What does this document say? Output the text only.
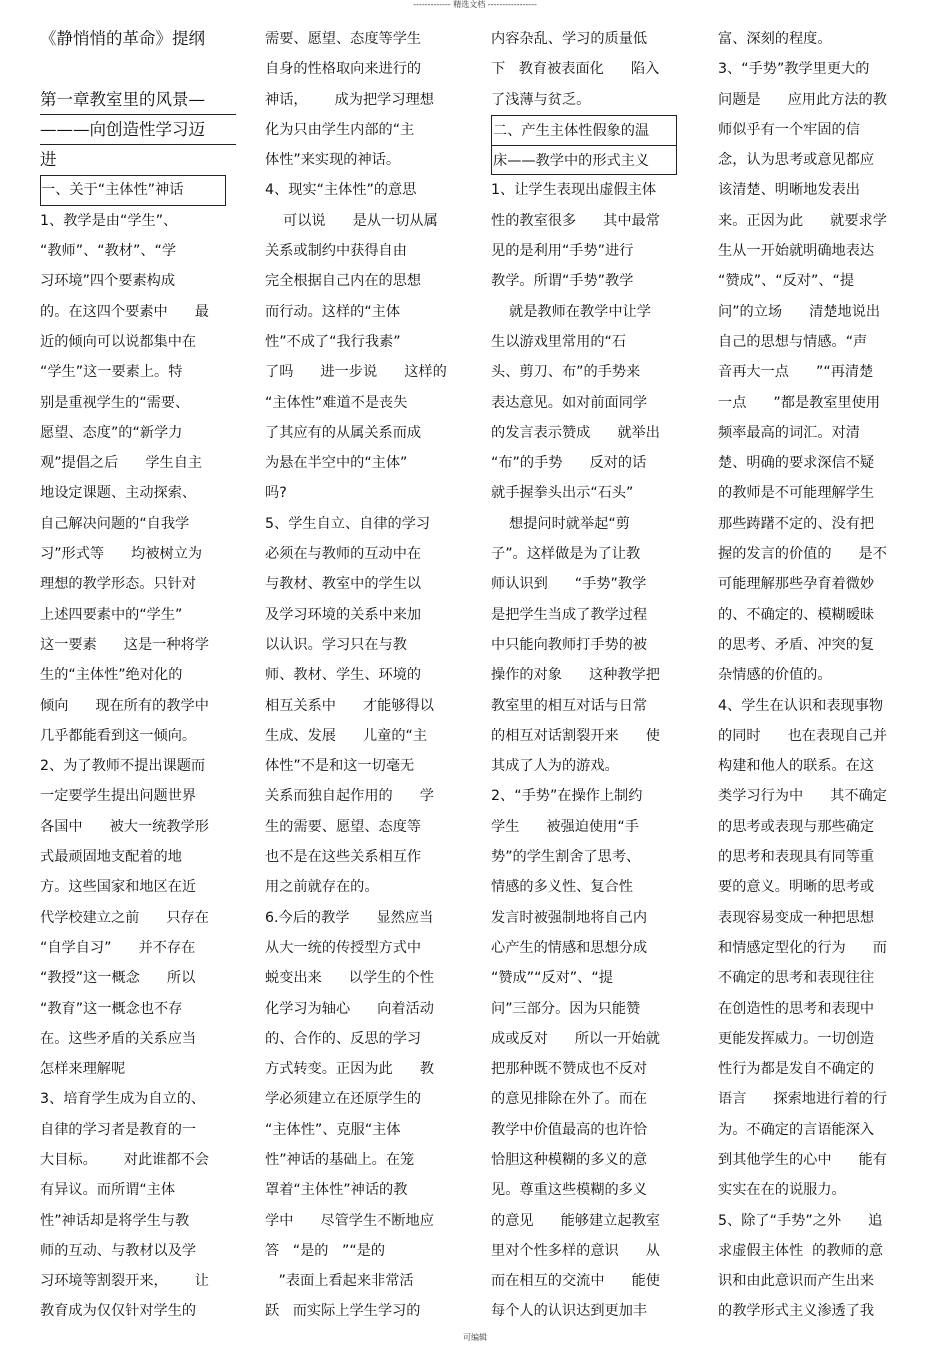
------------- 精选文档 -----------------
《静悄悄的革命》提纲
第一章教室里的风景—
———向创造性学习迈
进
一、关于“主体性”神话
1、教学是由“学生”、
“教师”、“教材”、“学
习环境”四个要素构成
的。在这四个要素中      最
近的倾向可以说都集中在
“学生”这一要素上。特
别是重视学生的“需要、
愿望、态度”的“新学力
观”提倡之后      学生自主
地设定课题、主动探索、
自己解决问题的“自我学
习”形式等      均被树立为
理想的教学形态。只针对
上述四要素中的“学生”
这一要素      这是一种将学
生的“主体性”绝对化的
倾向      现在所有的教学中
几乎都能看到这一倾向。
2、为了教师不提出课题而
一定要学生提出问题世界
各国中      被大一统教学形
式最顽固地支配着的地
方。这些国家和地区在近
代学校建立之前      只存在
“自学自习”      并不存在
“教授”这一概念      所以
“教育”这一概念也不存
在。这些矛盾的关系应当
怎样来理解呢
3、培育学生成为自立的、
自律的学习者是教育的一
大目标。      对此谁都不会
有异议。而所谓“主体
性”神话却是将学生与教
师的互动、与教材以及学
习环境等割裂开来，      让
教育成为仅仅针对学生的
需要、愿望、态度等学生
自身的性格取向来进行的
神话，      成为把学习理想
化为只由学生内部的“主
体性”来实现的神话。
4、现实“主体性”的意思
可以说      是从一切从属
关系或制约中获得自由
完全根据自己内在的思想
而行动。这样的“主体
性”不成了“我行我素”
了吗      进一步说      这样的
“主体性”难道不是丧失
了其应有的从属关系而成
为悬在半空中的“主体”
吗?
5、学生自立、自律的学习
必须在与教师的互动中在
与教材、教室中的学生以
及学习环境的关系中来加
以认识。学习只在与教
师、教材、学生、环境的
相互关系中      才能够得以
生成、发展      儿童的“主
体性”不是和这一切毫无
关系而独自起作用的      学
生的需要、愿望、态度等
也不是在这些关系相互作
用之前就存在的。
6.今后的教学      显然应当
从大一统的传授型方式中
蜕变出来      以学生的个性
化学习为轴心      向着活动
的、合作的、反思的学习
方式转变。正因为此      教
学必须建立在还原学生的
“主体性”、克服“主体
性”神话的基础上。在笼
罩着“主体性”神话的教
学中      尽管学生不断地应
答   “是的   ”“是的
”表面上看起来非常活
跃   而实际上学生学习的
内容杂乱、学习的质量低
下   教育被表面化      陷入
了浅薄与贫乏。
二、产生主体性假象的温
床——教学中的形式主义
1、让学生表现出虚假主体
性的教室很多      其中最常
见的是利用“手势”进行
教学。所谓“手势”教学
就是教师在教学中让学
生以游戏里常用的“石
头、剪刀、布”的手势来
表达意见。如对前面同学
的发言表示赞成      就举出
“布”的手势      反对的话
就手握拳头出示“石头”
想提问时就举起“剪
子”。这样做是为了让教
师认识到      “手势”教学
是把学生当成了教学过程
中只能向教师打手势的被
操作的对象      这种教学把
教室里的相互对话与日常
的相互对话割裂开来      使
其成了人为的游戏。
2、“手势”在操作上制约
学生      被强迫使用“手
势”的学生割舍了思考、
情感的多义性、复合性
发言时被强制地将自己内
心产生的情感和思想分成
“赞成”“反对”、“提
问”三部分。因为只能赞
成或反对      所以一开始就
把那种既不赞成也不反对
的意见排除在外了。而在
教学中价值最高的也许恰
恰胆这种模糊的多义的意
见。尊重这些模糊的多义
的意见      能够建立起教室
里对个性多样的意识      从
而在相互的交流中      能使
每个人的认识达到更加丰
富、深刻的程度。
3、“手势”教学里更大的
问题是      应用此方法的教
师似乎有一个牢固的信
念，认为思考或意见都应
该清楚、明晰地发表出
来。正因为此      就要求学
生从一开始就明确地表达
“赞成”、“反对”、“提
问”的立场      清楚地说出
自己的思想与情感。“声
音再大一点      ”“再清楚
一点      ”都是教室里使用
频率最高的词汇。对清
楚、明确的要求深信不疑
的教师是不可能理解学生
那些踌躇不定的、没有把
握的发言的价值的      是不
可能理解那些孕育着微妙
的、不确定的、模糊暧昧
的思考、矛盾、冲突的复
杂情感的价值的。
4、学生在认识和表现事物
的同时      也在表现自己并
构建和他人的联系。在这
类学习行为中      其不确定
的思考或表现与那些确定
的思考和表现具有同等重
要的意义。明晰的思考或
表现容易变成一种把思想
和情感定型化的行为      而
不确定的思考和表现往往
在创造性的思考和表现中
更能发挥威力。一切创造
性行为都是发自不确定的
语言      探索地进行着的行
为。不确定的言语能深入
到其他学生的心中      能有
实实在在的说服力。
5、除了“手势”之外      追
求虚假主体性  的教师的意
识和由此意识而产生出来
的教学形式主义渗透了我
可编辑
